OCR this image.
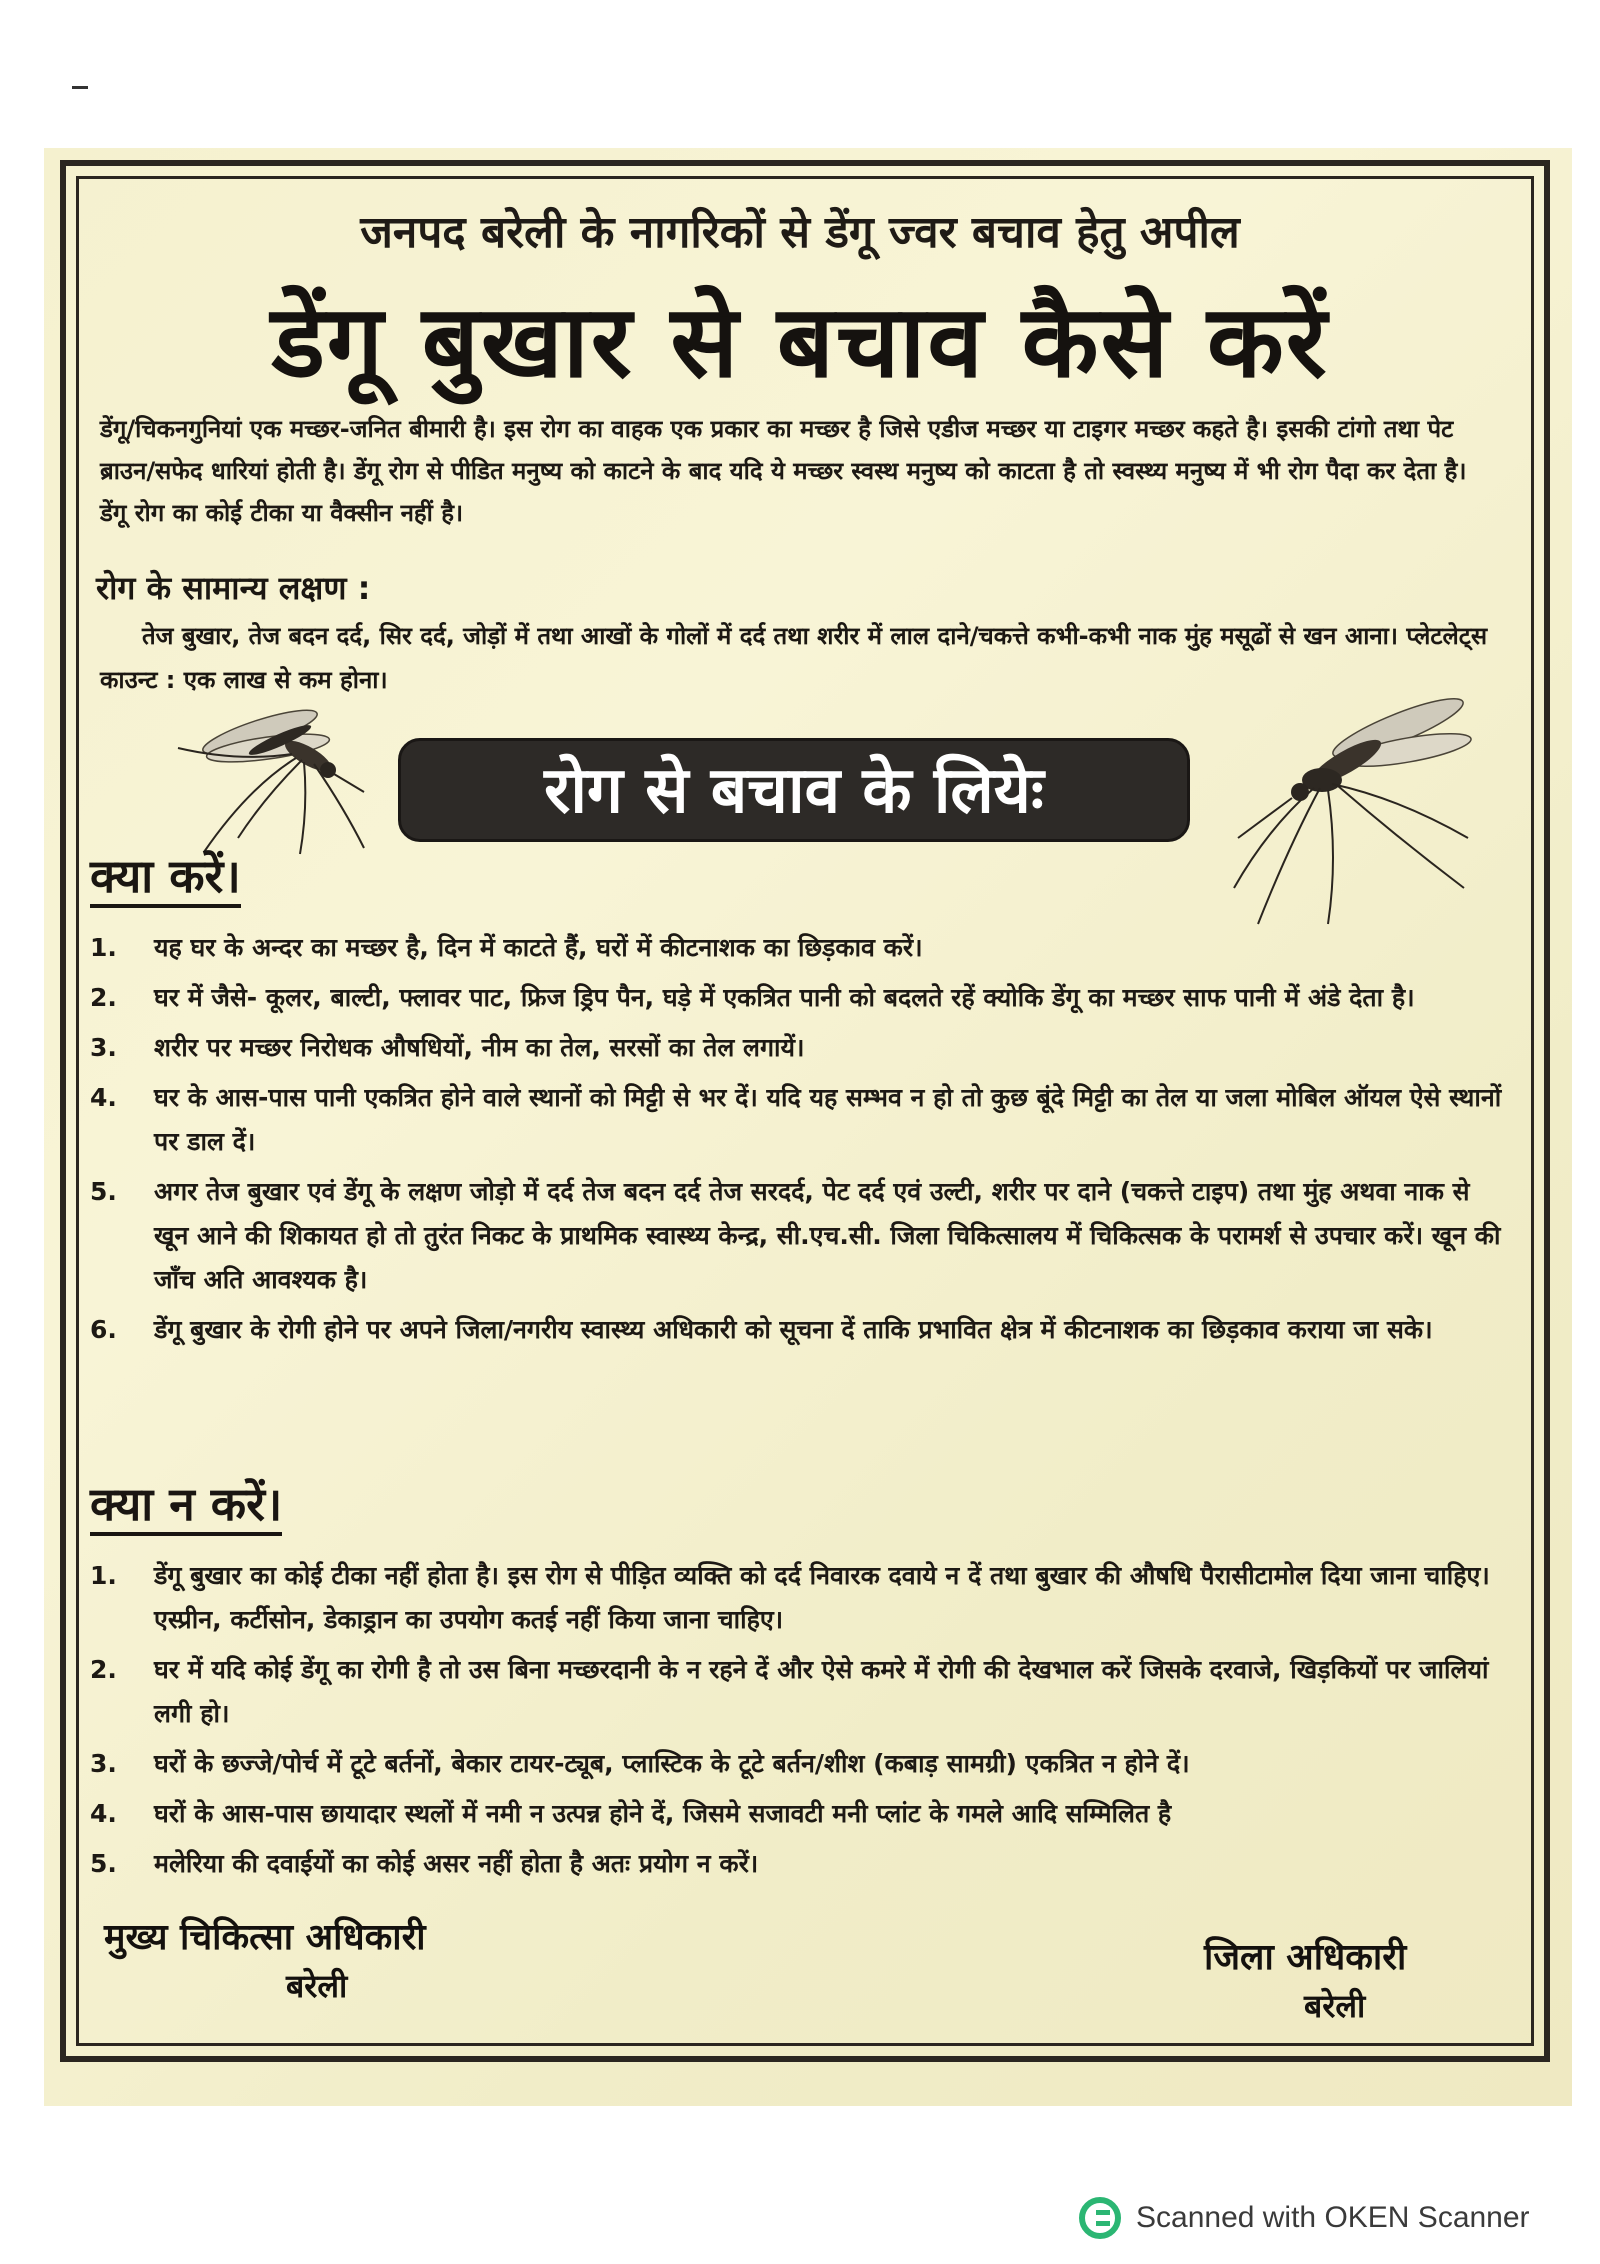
जनपद बरेली के नागरिकों से डेंगू ज्वर बचाव हेतु अपील
डेंगू बुखार से बचाव कैसे करें
डेंगू/चिकनगुनियां एक मच्छर-जनित बीमारी है। इस रोग का वाहक एक प्रकार का मच्छर है जिसे एडीज मच्छर या टाइगर मच्छर कहते है। इसकी टांगो तथा पेट ब्राउन/सफेद धारियां होती है। डेंगू रोग से पीडित मनुष्य को काटने के बाद यदि ये मच्छर स्वस्थ मनुष्य को काटता है तो स्वस्थ्य मनुष्य में भी रोग पैदा कर देता है। डेंगू रोग का कोई टीका या वैक्सीन नहीं है।
रोग के सामान्य लक्षण :
तेज बुखार, तेज बदन दर्द, सिर दर्द, जोड़ों में तथा आखों के गोलों में दर्द तथा शरीर में लाल दाने/चकत्ते कभी-कभी नाक मुंह मसूढों से खन आना। प्लेटलेट्स काउन्ट : एक लाख से कम होना।
रोग से बचाव के लियेः
क्या करें।
1. यह घर के अन्दर का मच्छर है, दिन में काटते हैं, घरों में कीटनाशक का छिड़काव करें।
2. घर में जैसे- कूलर, बाल्टी, फ्लावर पाट, फ्रिज ड्रिप पैन, घड़े में एकत्रित पानी को बदलते रहें क्योकि डेंगू का मच्छर साफ पानी में अंडे देता है।
3. शरीर पर मच्छर निरोधक औषधियों, नीम का तेल, सरसों का तेल लगायें।
4. घर के आस-पास पानी एकत्रित होने वाले स्थानों को मिट्टी से भर दें। यदि यह सम्भव न हो तो कुछ बूंदे मिट्टी का तेल या जला मोबिल ऑयल ऐसे स्थानों पर डाल दें।
5. अगर तेज बुखार एवं डेंगू के लक्षण जोड़ो में दर्द तेज बदन दर्द तेज सरदर्द, पेट दर्द एवं उल्टी, शरीर पर दाने (चकत्ते टाइप) तथा मुंह अथवा नाक से खून आने की शिकायत हो तो तुरंत निकट के प्राथमिक स्वास्थ्य केन्द्र, सी.एच.सी. जिला चिकित्सालय में चिकित्सक के परामर्श से उपचार करें। खून की जाँच अति आवश्यक है।
6. डेंगू बुखार के रोगी होने पर अपने जिला/नगरीय स्वास्थ्य अधिकारी को सूचना दें ताकि प्रभावित क्षेत्र में कीटनाशक का छिड़काव कराया जा सके।
क्या न करें।
1. डेंगू बुखार का कोई टीका नहीं होता है। इस रोग से पीड़ित व्यक्ति को दर्द निवारक दवाये न दें तथा बुखार की औषधि पैरासीटामोल दिया जाना चाहिए। एस्प्रीन, कर्टीसोन, डेकाड्रान का उपयोग कतई नहीं किया जाना चाहिए।
2. घर में यदि कोई डेंगू का रोगी है तो उस बिना मच्छरदानी के न रहने दें और ऐसे कमरे में रोगी की देखभाल करें जिसके दरवाजे, खिड़कियों पर जालियां लगी हो।
3. घरों के छज्जे/पोर्च में टूटे बर्तनों, बेकार टायर-ट्यूब, प्लास्टिक के टूटे बर्तन/शीश (कबाड़ सामग्री) एकत्रित न होने दें।
4. घरों के आस-पास छायादार स्थलों में नमी न उत्पन्न होने दें, जिसमे सजावटी मनी प्लांट के गमले आदि सम्मिलित है
5. मलेरिया की दवाईयों का कोई असर नहीं होता है अतः प्रयोग न करें।
मुख्य चिकित्सा अधिकारी
बरेली
जिला अधिकारी
बरेली
Scanned with OKEN Scanner
